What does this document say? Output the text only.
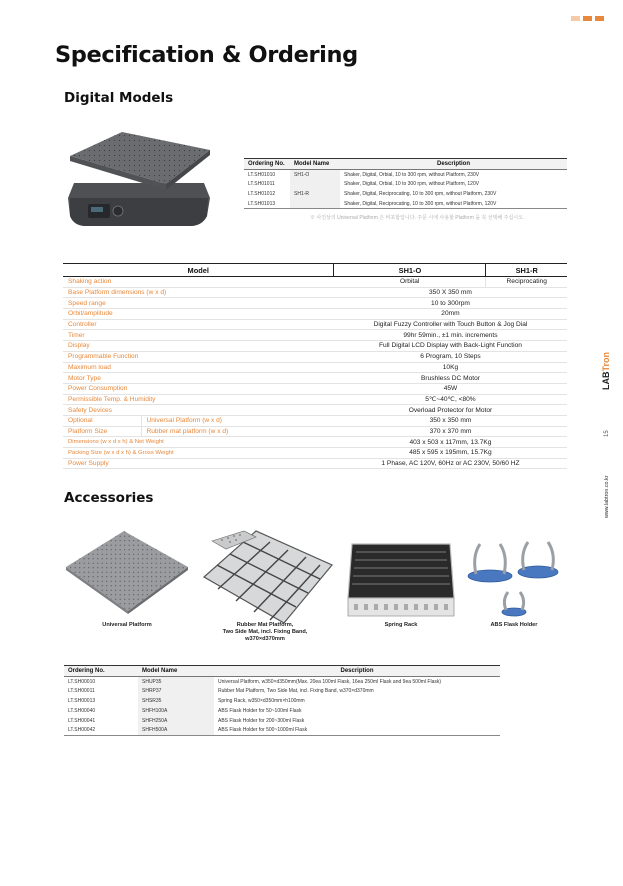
Specification & Ordering
Digital Models
Ordering No.	Model Name	Description
LT.SH01010	SH1-O	Shaker, Digital, Orbial, 10 to 300 rpm, without Platform, 230V
LT.SH01011		Shaker, Digital, Orbial, 10 to 300 rpm, without Platform, 120V
LT.SH01012	SH1-R	Shaker, Digital, Reciprocating, 10 to 300 rpm, without Platform, 230V
LT.SH01013		Shaker, Digital, Reciprocating, 10 to 300 rpm, without Platform, 120V
※ 사진상의 Universal Platform 은 비포함입니다. 주문 시에 사용할 Platform 을 꼭 선택해 주십시오.
Model		SH1-O	SH1-R
Shaking action		Orbital	Reciprocating
Base Platform dimensions (w x d)		350 X 350 mm	
Speed range		10 to 300rpm	
Orbit/amplitude		20mm	
Controller		Digital Fuzzy Controller with Touch Button & Jog Dial	
Timer		99hr 59min., ±1 min. increments	
Display		Full Digital LCD Display with Back-Light Function	
Programmable Function		6 Program, 10 Steps	
Maximum load		10Kg	
Motor Type		Brushless DC Motor	
Power Consumption		45W	
Permissible Temp. & Humidity		5℃~40℃, <80%	
Safety Devices		Overload Protector for Motor	
Optional	Universal Platform (w x d)	350 x 350 mm	
Platform Size	Rubber mat platform (w x d)	370 x 370 mm	
Dimensions (w x d x h) & Net Weight		403 x 503 x 117mm, 13.7Kg	
Packing Size (w x d x h) & Gross Weight		485 x 595 x 195mm, 15.7Kg	
Power Supply		1 Phase, AC 120V, 60Hz or AC 230V, 50/60 HZ	
LABTron
15
www.labtron.co.kr
Accessories
Universal Platform	Rubber Mat Platform,
Two Side Mat, incl. Fixing Band,
w370×d370mm
Spring Rack	ABS Flask Holder
Ordering No.	Model Name	Description
LT.SH00010	SHUP35	Universal Platform, w350×d350mm(Max. 20ea 100ml Flask, 16ea 250ml Flask and 9ea 500ml Flask)
LT.SH00011	SHRP37	Rubber Mat Platform, Two Side Mat, incl. Fixing Band, w370×d370mm
LT.SH00013	SHSR35	Spring Rack, w350×d350mm×h100mm
LT.SH00040	SHFH100A	ABS Flask Holder for 50~100ml Flask
LT.SH00041	SHFH250A	ABS Flask Holder for 200~300ml Flask
LT.SH00042	SHFH500A	ABS Flask Holder for 500~1000ml Flask
